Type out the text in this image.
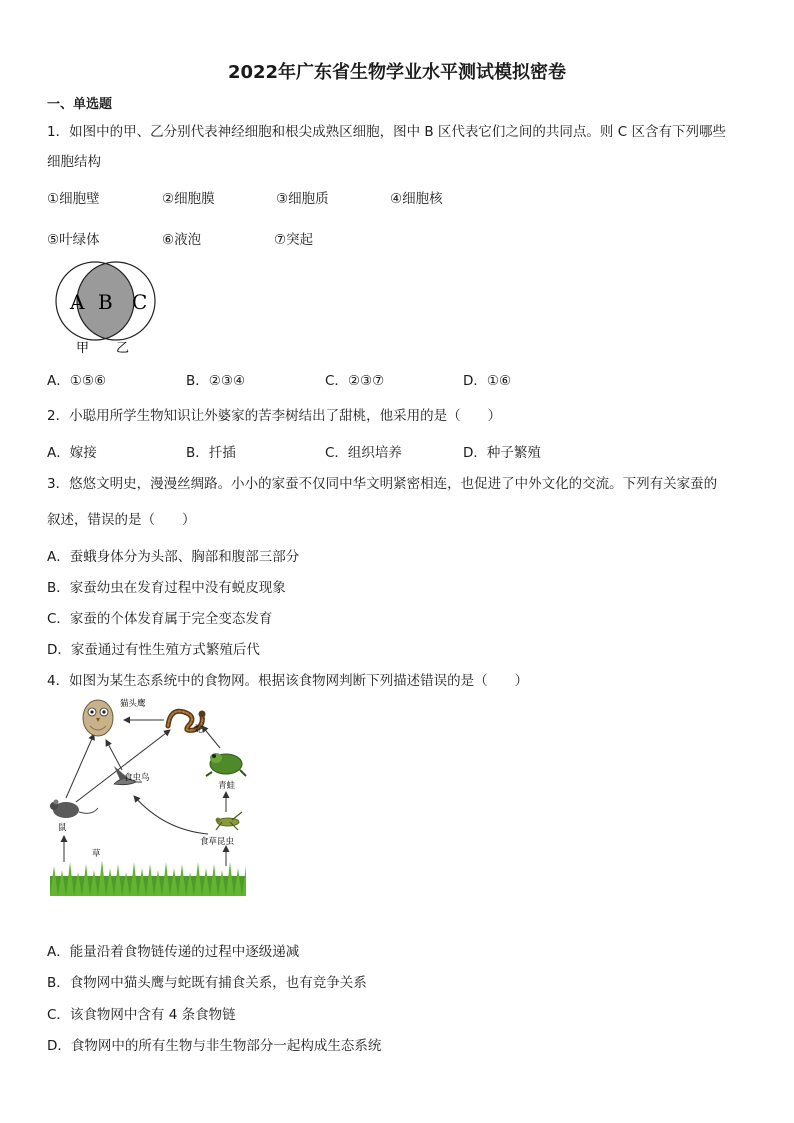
2022年广东省生物学业水平测试模拟密卷
一、单选题
1．如图中的甲、乙分别代表神经细胞和根尖成熟区细胞，图中 B 区代表它们之间的共同点。则 C 区含有下列哪些
细胞结构
①细胞壁	②细胞膜	③细胞质	④细胞核
⑤叶绿体	⑥液泡	⑦突起
A B C
甲 乙
A．①⑤⑥	B．②③④	C．②③⑦	D．①⑥
2．小聪用所学生物知识让外婆家的苦李树结出了甜桃，他采用的是（　　）
A．嫁接	B．扦插	C．组织培养	D．种子繁殖
3．悠悠文明史，漫漫丝绸路。小小的家蚕不仅同中华文明紧密相连，也促进了中外文化的交流。下列有关家蚕的
叙述，错误的是（　　）
A．蚕蛾身体分为头部、胸部和腹部三部分
B．家蚕幼虫在发育过程中没有蜕皮现象
C．家蚕的个体发育属于完全变态发育
D．家蚕通过有性生殖方式繁殖后代
4．如图为某生态系统中的食物网。根据该食物网判断下列描述错误的是（　　）
猫头鹰
蛇
青蛙
食虫鸟
鼠
食草昆虫
草
A．能量沿着食物链传递的过程中逐级递减
B．食物网中猫头鹰与蛇既有捕食关系，也有竞争关系
C．该食物网中含有 4 条食物链
D．食物网中的所有生物与非生物部分一起构成生态系统
